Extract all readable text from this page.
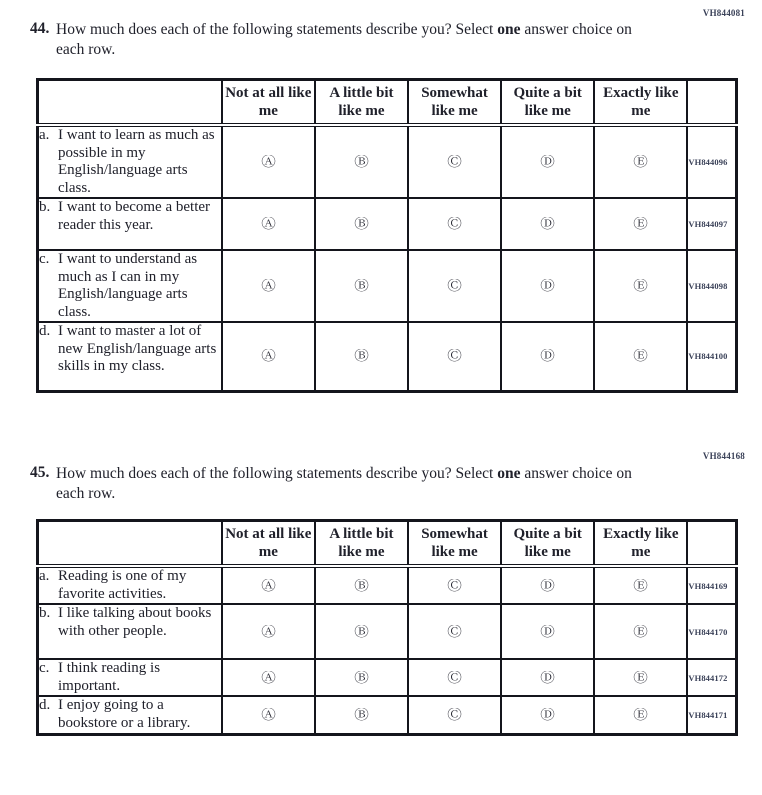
VH844081
44. How much does each of the following statements describe you? Select one answer choice on each row.
	Not at all like me	A little bit like me	Somewhat like me	Quite a bit like me	Exactly like me	

a. I want to learn as much as possible in my English/language arts class.	Ⓐ	Ⓑ	Ⓒ	Ⓓ	Ⓔ	VH844096

b. I want to become a better reader this year.	Ⓐ	Ⓑ	Ⓒ	Ⓓ	Ⓔ	VH844097

c. I want to understand as much as I can in my English/language arts class.	Ⓐ	Ⓑ	Ⓒ	Ⓓ	Ⓔ	VH844098

d. I want to master a lot of new English/language arts skills in my class.	Ⓐ	Ⓑ	Ⓒ	Ⓓ	Ⓔ	VH844100
VH844168
45. How much does each of the following statements describe you? Select one answer choice on each row.
	Not at all like me	A little bit like me	Somewhat like me	Quite a bit like me	Exactly like me	

a. Reading is one of my favorite activities.	Ⓐ	Ⓑ	Ⓒ	Ⓓ	Ⓔ	VH844169

b. I like talking about books with other people.	Ⓐ	Ⓑ	Ⓒ	Ⓓ	Ⓔ	VH844170

c. I think reading is important.	Ⓐ	Ⓑ	Ⓒ	Ⓓ	Ⓔ	VH844172

d. I enjoy going to a bookstore or a library.	Ⓐ	Ⓑ	Ⓒ	Ⓓ	Ⓔ	VH844171
